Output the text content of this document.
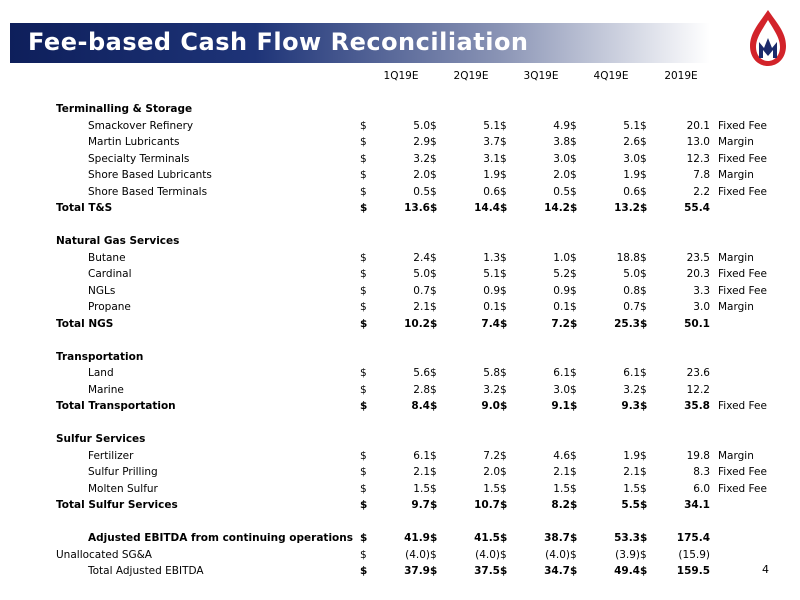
Fee-based Cash Flow Reconciliation
		1Q19E		2Q19E		3Q19E		4Q19E		2019E	

Terminalling & Storage											
Smackover Refinery	$	5.0	$	5.1	$	4.9	$	5.1	$	20.1	Fixed Fee
Martin Lubricants	$	2.9	$	3.7	$	3.8	$	2.6	$	13.0	Margin
Specialty Terminals	$	3.2	$	3.1	$	3.0	$	3.0	$	12.3	Fixed Fee
Shore Based Lubricants	$	2.0	$	1.9	$	2.0	$	1.9	$	7.8	Margin
Shore Based Terminals	$	0.5	$	0.6	$	0.5	$	0.6	$	2.2	Fixed Fee
Total T&S	$	13.6	$	14.4	$	14.2	$	13.2	$	55.4	

Natural Gas Services											
Butane	$	2.4	$	1.3	$	1.0	$	18.8	$	23.5	Margin
Cardinal	$	5.0	$	5.1	$	5.2	$	5.0	$	20.3	Fixed Fee
NGLs	$	0.7	$	0.9	$	0.9	$	0.8	$	3.3	Fixed Fee
Propane	$	2.1	$	0.1	$	0.1	$	0.7	$	3.0	Margin
Total NGS	$	10.2	$	7.4	$	7.2	$	25.3	$	50.1	

Transportation											
Land	$	5.6	$	5.8	$	6.1	$	6.1	$	23.6	
Marine	$	2.8	$	3.2	$	3.0	$	3.2	$	12.2	
Total Transportation	$	8.4	$	9.0	$	9.1	$	9.3	$	35.8	Fixed Fee

Sulfur Services											
Fertilizer	$	6.1	$	7.2	$	4.6	$	1.9	$	19.8	Margin
Sulfur Prilling	$	2.1	$	2.0	$	2.1	$	2.1	$	8.3	Fixed Fee
Molten Sulfur	$	1.5	$	1.5	$	1.5	$	1.5	$	6.0	Fixed Fee
Total Sulfur Services	$	9.7	$	10.7	$	8.2	$	5.5	$	34.1	

Adjusted EBITDA from continuing operations	$	41.9	$	41.5	$	38.7	$	53.3	$	175.4	
Unallocated SG&A	$	(4.0)	$	(4.0)	$	(4.0)	$	(3.9)	$	(15.9)	
Total Adjusted EBITDA	$	37.9	$	37.5	$	34.7	$	49.4	$	159.5		4
